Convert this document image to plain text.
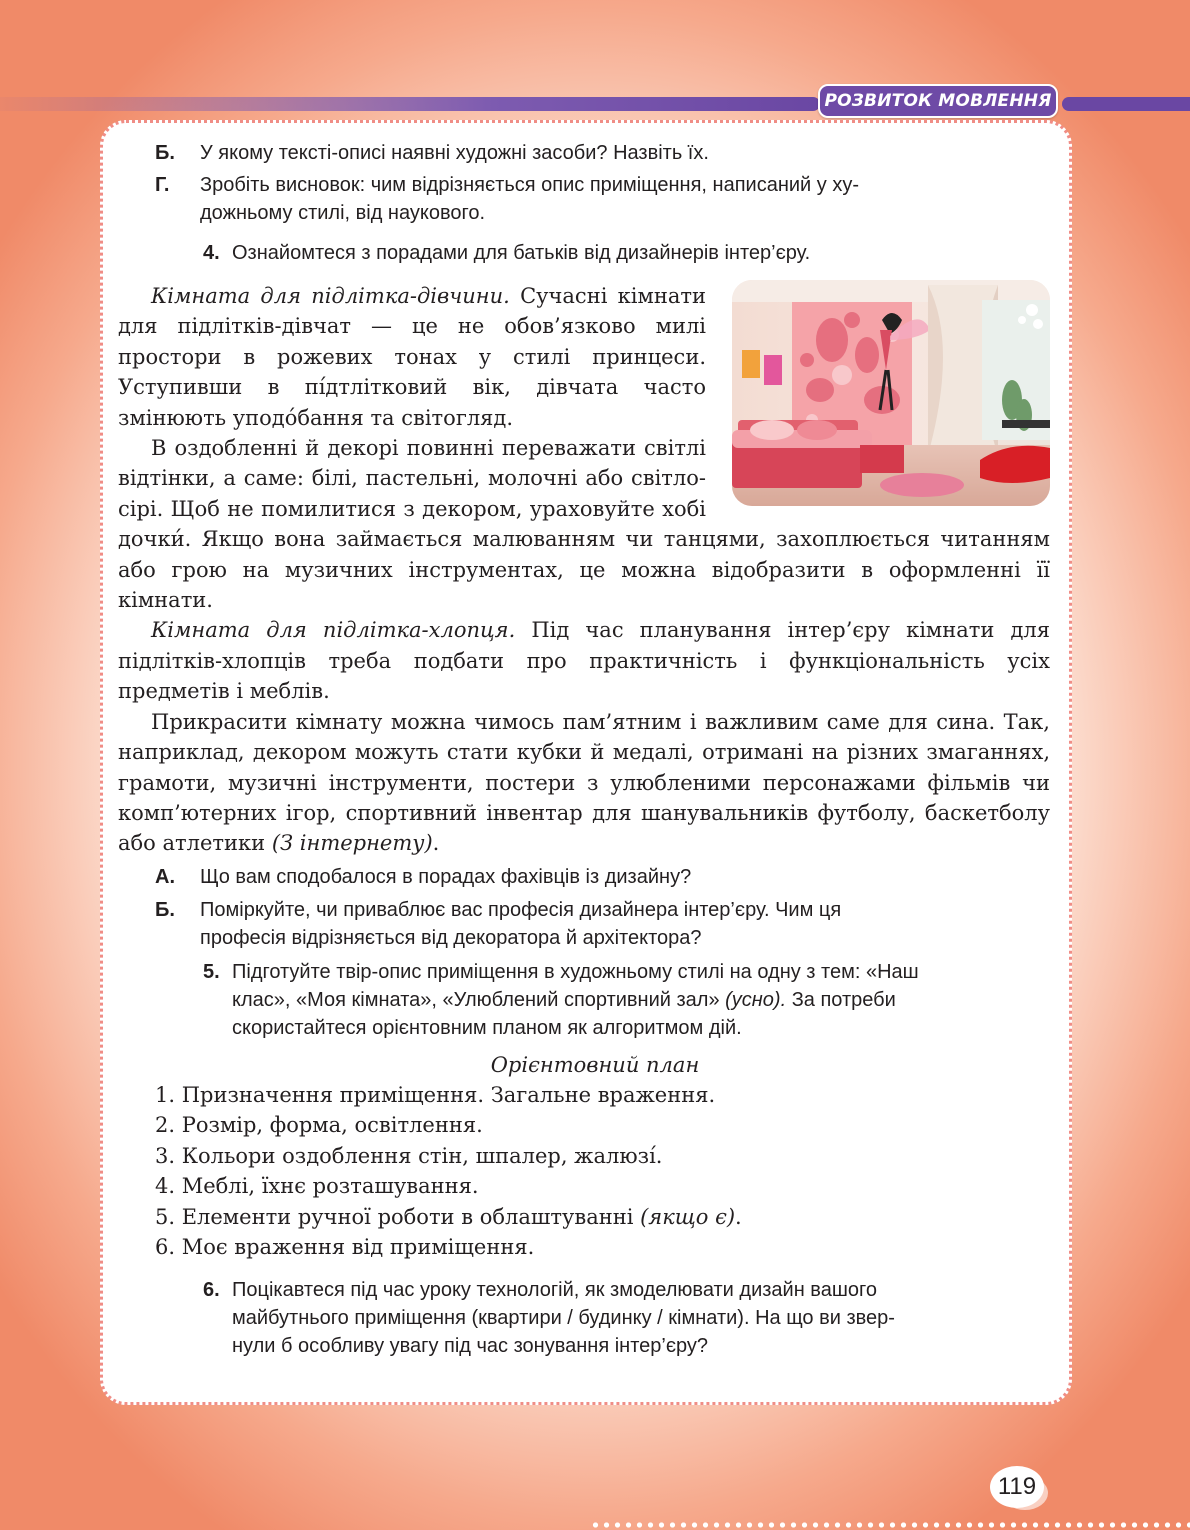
РОЗВИТОК МОВЛЕННЯ
Б. У якому тексті-описі наявні художні засоби? Назвіть їх.
Г. Зробіть висновок: чим відрізняється опис приміщення, написаний у ху-
дожньому стилі, від наукового.
4. Ознайомтеся з порадами для батьків від дизайнерів інтер’єру.

Кімната для підлітка-дівчини. Сучасні кімнати для підлітків-дівчат — це не обов’язково милі простори в рожевих тонах у стилі принцеси. Уступивши в пі́дтлітковий вік, дівчата часто змінюють уподо́бання та світогляд.

В оздобленні й декорі повинні переважати світлі відтінки, а саме: білі, пастельні, молочні або світло-сірі. Щоб не помилитися з декором, ураховуйте хобі дочки́. Якщо вона займається малюванням чи танцями, захоплюється читанням або грою на музичних інструментах, це можна відобразити в оформленні її кімнати.

Кімната для підлітка-хлопця. Під час планування інтер’єру кімнати для підлітків-хлопців треба подбати про практичність і функціональність усіх предметів і меблів.

Прикрасити кімнату можна чимось пам’ятним і важливим саме для сина. Так, наприклад, декором можуть стати кубки й медалі, отримані на різних змаганнях, грамоти, музичні інструменти, постери з улюбленими персонажами фільмів чи комп’ютерних ігор, спортивний інвентар для шанувальників футболу, баскетболу або атлетики (З інтернету).

А. Що вам сподобалося в порадах фахівців із дизайну?
Б. Поміркуйте, чи приваблює вас професія дизайнера інтер’єру. Чим ця
професія відрізняється від декоратора й архітектора?
5. Підготуйте твір-опис приміщення в художньому стилі на одну з тем: «Наш
клас», «Моя кімната», «Улюблений спортивний зал» (усно). За потреби
скористайтеся орієнтовним планом як алгоритмом дій.
Орієнтовний план
1. Призначення приміщення. Загальне враження.
2. Розмір, форма, освітлення.
3. Кольори оздоблення стін, шпалер, жалюзі́.
4. Меблі, їхнє розташування.
5. Елементи ручної роботи в облаштуванні (якщо є).
6. Моє враження від приміщення.
6. Поцікавтеся під час уроку технологій, як змоделювати дизайн вашого
майбутнього приміщення (квартири / будинку / кімнати). На що ви звер-
нули б особливу увагу під час зонування інтер’єру?
119
